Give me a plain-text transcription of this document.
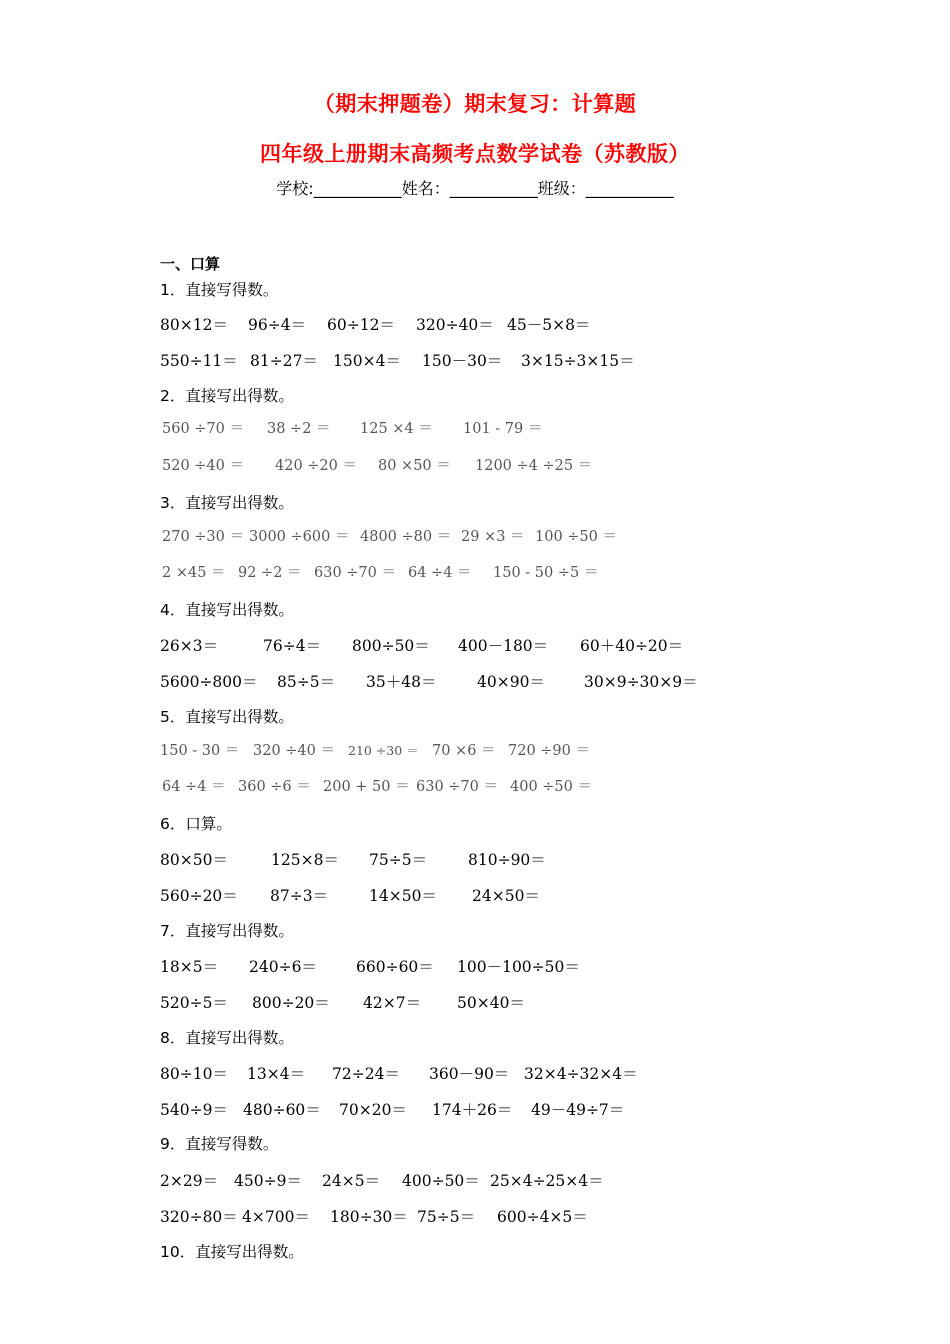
（期末押题卷）期末复习：计算题
四年级上册期末高频考点数学试卷（苏教版）
学校:___________姓名：___________班级：___________
一、口算
1．直接写得数。
80×12＝ 96÷4＝ 60÷12＝ 320÷40＝ 45－5×8＝
550÷11＝ 81÷27＝ 150×4＝ 150－30＝ 3×15÷3×15＝
2．直接写出得数。
560 ÷70 ＝ 38 ÷2 ＝ 125 ×4 ＝ 101 - 79 ＝
520 ÷40 ＝ 420 ÷20 ＝ 80 ×50 ＝ 1200 ÷4 ÷25 ＝
3．直接写出得数。
270 ÷30 ＝ 3000 ÷600 ＝ 4800 ÷80 ＝ 29 ×3 ＝ 100 ÷50 ＝
2 ×45 ＝ 92 ÷2 ＝ 630 ÷70 ＝ 64 ÷4 ＝ 150 - 50 ÷5 ＝
4．直接写出得数。
26×3＝	76÷4＝ 800÷50＝ 400－180＝ 60＋40÷20＝
5600÷800＝ 85÷5＝ 35＋48＝	40×90＝	30×9÷30×9＝
5．直接写出得数。
150 - 30 ＝ 320 ÷40 ＝ 210 ÷30 ＝ 70 ×6 ＝ 720 ÷90 ＝
64 ÷4 ＝ 360 ÷6 ＝ 200 + 50 ＝ 630 ÷70 ＝ 400 ÷50 ＝
6．口算。
80×50＝	125×8＝ 75÷5＝	810÷90＝
560÷20＝ 87÷3＝	14×50＝ 24×50＝
7．直接写出得数。
18×5＝ 240÷6＝	660÷60＝ 100－100÷50＝
520÷5＝ 800÷20＝ 42×7＝ 50×40＝
8．直接写出得数。
80÷10＝ 13×4＝ 72÷24＝ 360－90＝ 32×4÷32×4＝
540÷9＝ 480÷60＝ 70×20＝ 174＋26＝ 49－49÷7＝
9．直接写得数。
2×29＝ 450÷9＝ 24×5＝ 400÷50＝ 25×4÷25×4＝
320÷80＝ 4×700＝ 180÷30＝ 75÷5＝ 600÷4×5＝
10．直接写出得数。
